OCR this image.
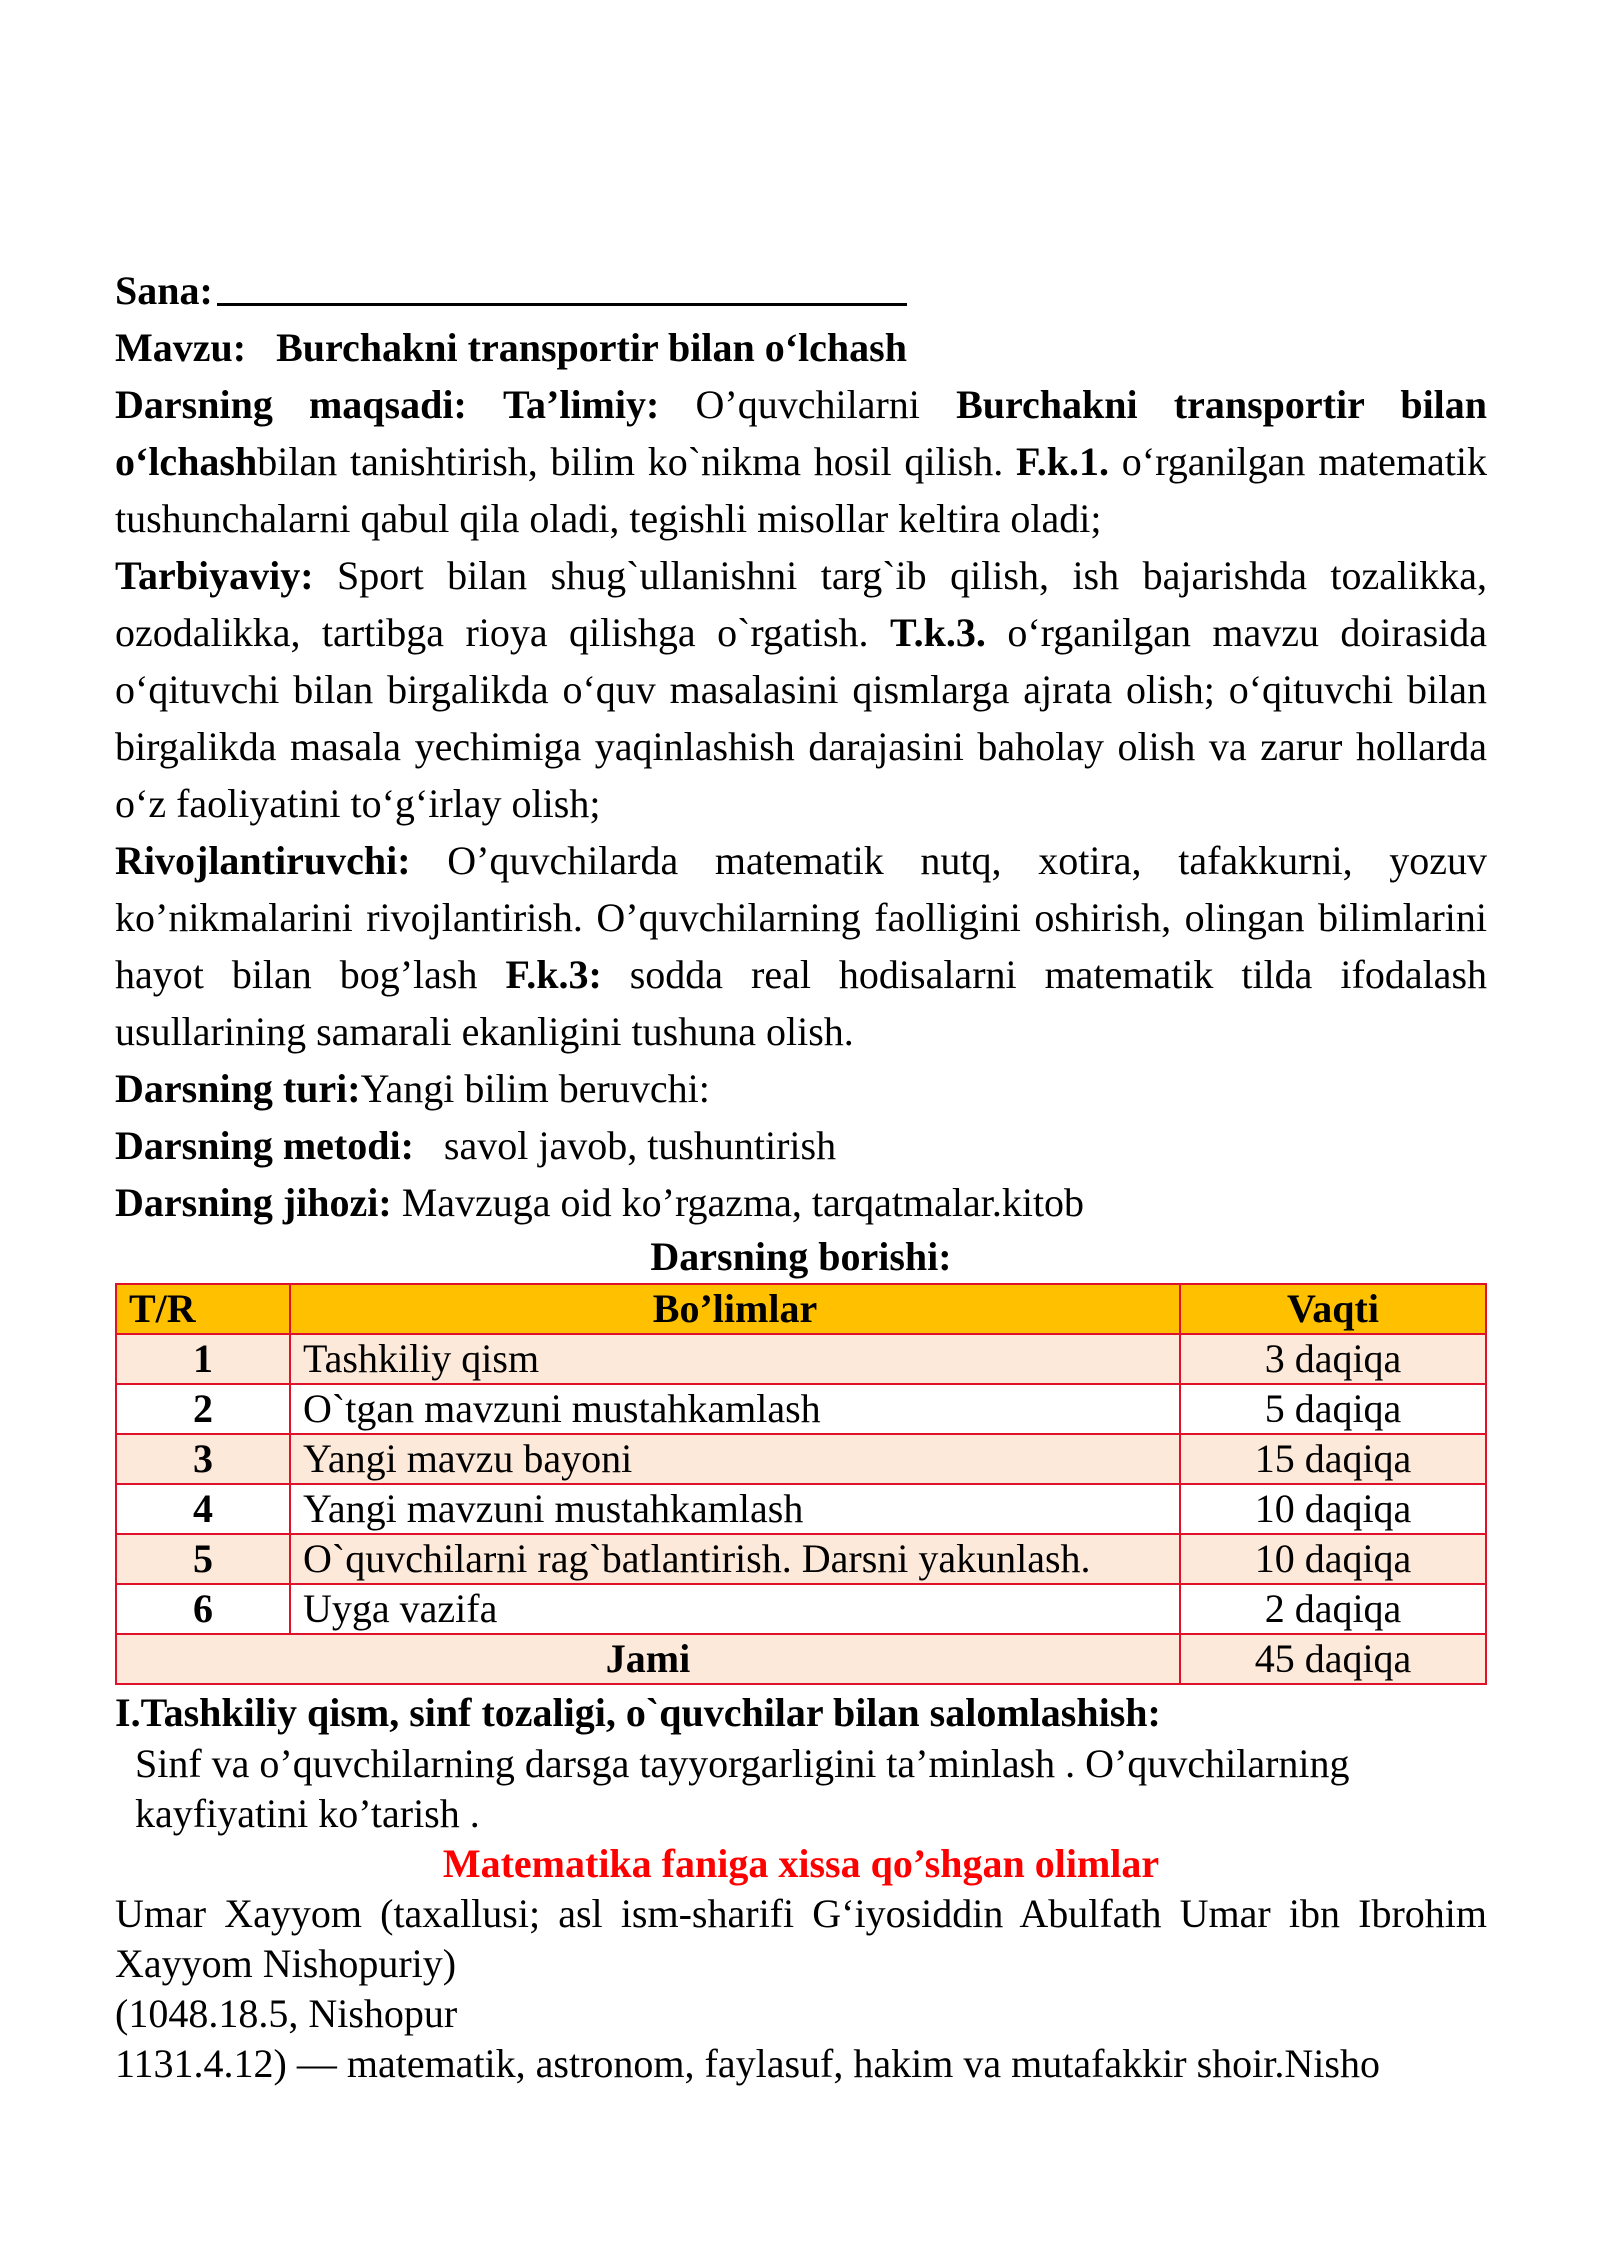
Sana:
Mavzu: Burchakni transportir bilan o‘lchash
Darsning maqsadi: Ta’limiy: O’quvchilarni Burchakni transportir bilan o‘lchashbilan tanishtirish, bilim ko`nikma hosil qilish. F.k.1. o‘rganilgan matematik tushunchalarni qabul qila oladi, tegishli misollar keltira oladi;
Tarbiyaviy: Sport bilan shug`ullanishni targ`ib qilish, ish bajarishda tozalikka, ozodalikka, tartibga rioya qilishga o`rgatish. T.k.3. o‘rganilgan mavzu doirasida o‘qituvchi bilan birgalikda o‘quv masalasini qismlarga ajrata olish; o‘qituvchi bilan birgalikda masala yechimiga yaqinlashish darajasini baholay olish va zarur hollarda o‘z faoliyatini to‘g‘irlay olish;
Rivojlantiruvchi: O’quvchilarda matematik nutq, xotira, tafakkurni, yozuv ko’nikmalarini rivojlantirish. O’quvchilarning faolligini oshirish, olingan bilimlarini hayot bilan bog’lash F.k.3: sodda real hodisalarni matematik tilda ifodalash usullarining samarali ekanligini tushuna olish.
Darsning turi:Yangi bilim beruvchi:
Darsning metodi: savol javob, tushuntirish
Darsning jihozi: Mavzuga oid ko’rgazma, tarqatmalar.kitob
Darsning borishi:
T/R	Bo’limlar	Vaqti
1	Tashkiliy qism	3 daqiqa
2	O`tgan mavzuni mustahkamlash	5 daqiqa
3	Yangi mavzu bayoni	15 daqiqa
4	Yangi mavzuni mustahkamlash	10 daqiqa
5	O`quvchilarni rag`batlantirish. Darsni yakunlash.	10 daqiqa
6	Uyga vazifa	2 daqiqa
Jami		45 daqiqa
I.Tashkiliy qism, sinf tozaligi, o`quvchilar bilan salomlashish:
Sinf va o’quvchilarning darsga tayyorgarligini ta’minlash . O’quvchilarning kayfiyatini ko’tarish .
Matematika faniga xissa qo’shgan olimlar
Umar Xayyom (taxallusi; asl ism-sharifi G‘iyosiddin Abulfath Umar ibn Ibrohim Xayyom Nishopuriy)
(1048.18.5, Nishopur
1131.4.12) — matematik, astronom, faylasuf, hakim va mutafakkir shoir.Nisho
